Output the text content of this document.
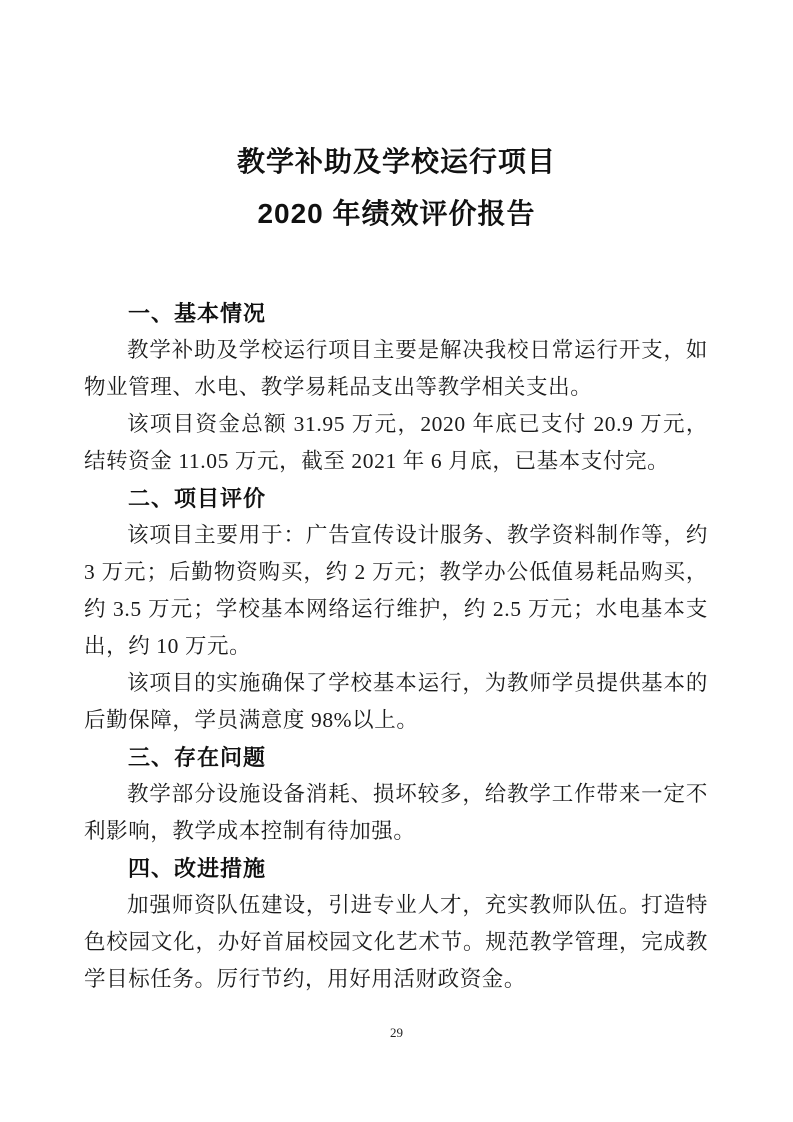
教学补助及学校运行项目
2020 年绩效评价报告
一、基本情况

教学补助及学校运行项目主要是解决我校日常运行开支，如物业管理、水电、教学易耗品支出等教学相关支出。

该项目资金总额 31.95 万元，2020 年底已支付 20.9 万元，结转资金 11.05 万元，截至 2021 年 6 月底，已基本支付完。

二、项目评价

该项目主要用于：广告宣传设计服务、教学资料制作等，约 3 万元；后勤物资购买，约 2 万元；教学办公低值易耗品购买，约 3.5 万元；学校基本网络运行维护，约 2.5 万元；水电基本支出，约 10 万元。

该项目的实施确保了学校基本运行，为教师学员提供基本的后勤保障，学员满意度 98%以上。

三、存在问题

教学部分设施设备消耗、损坏较多，给教学工作带来一定不利影响，教学成本控制有待加强。

四、改进措施

加强师资队伍建设，引进专业人才，充实教师队伍。打造特色校园文化，办好首届校园文化艺术节。规范教学管理，完成教学目标任务。厉行节约，用好用活财政资金。

29
